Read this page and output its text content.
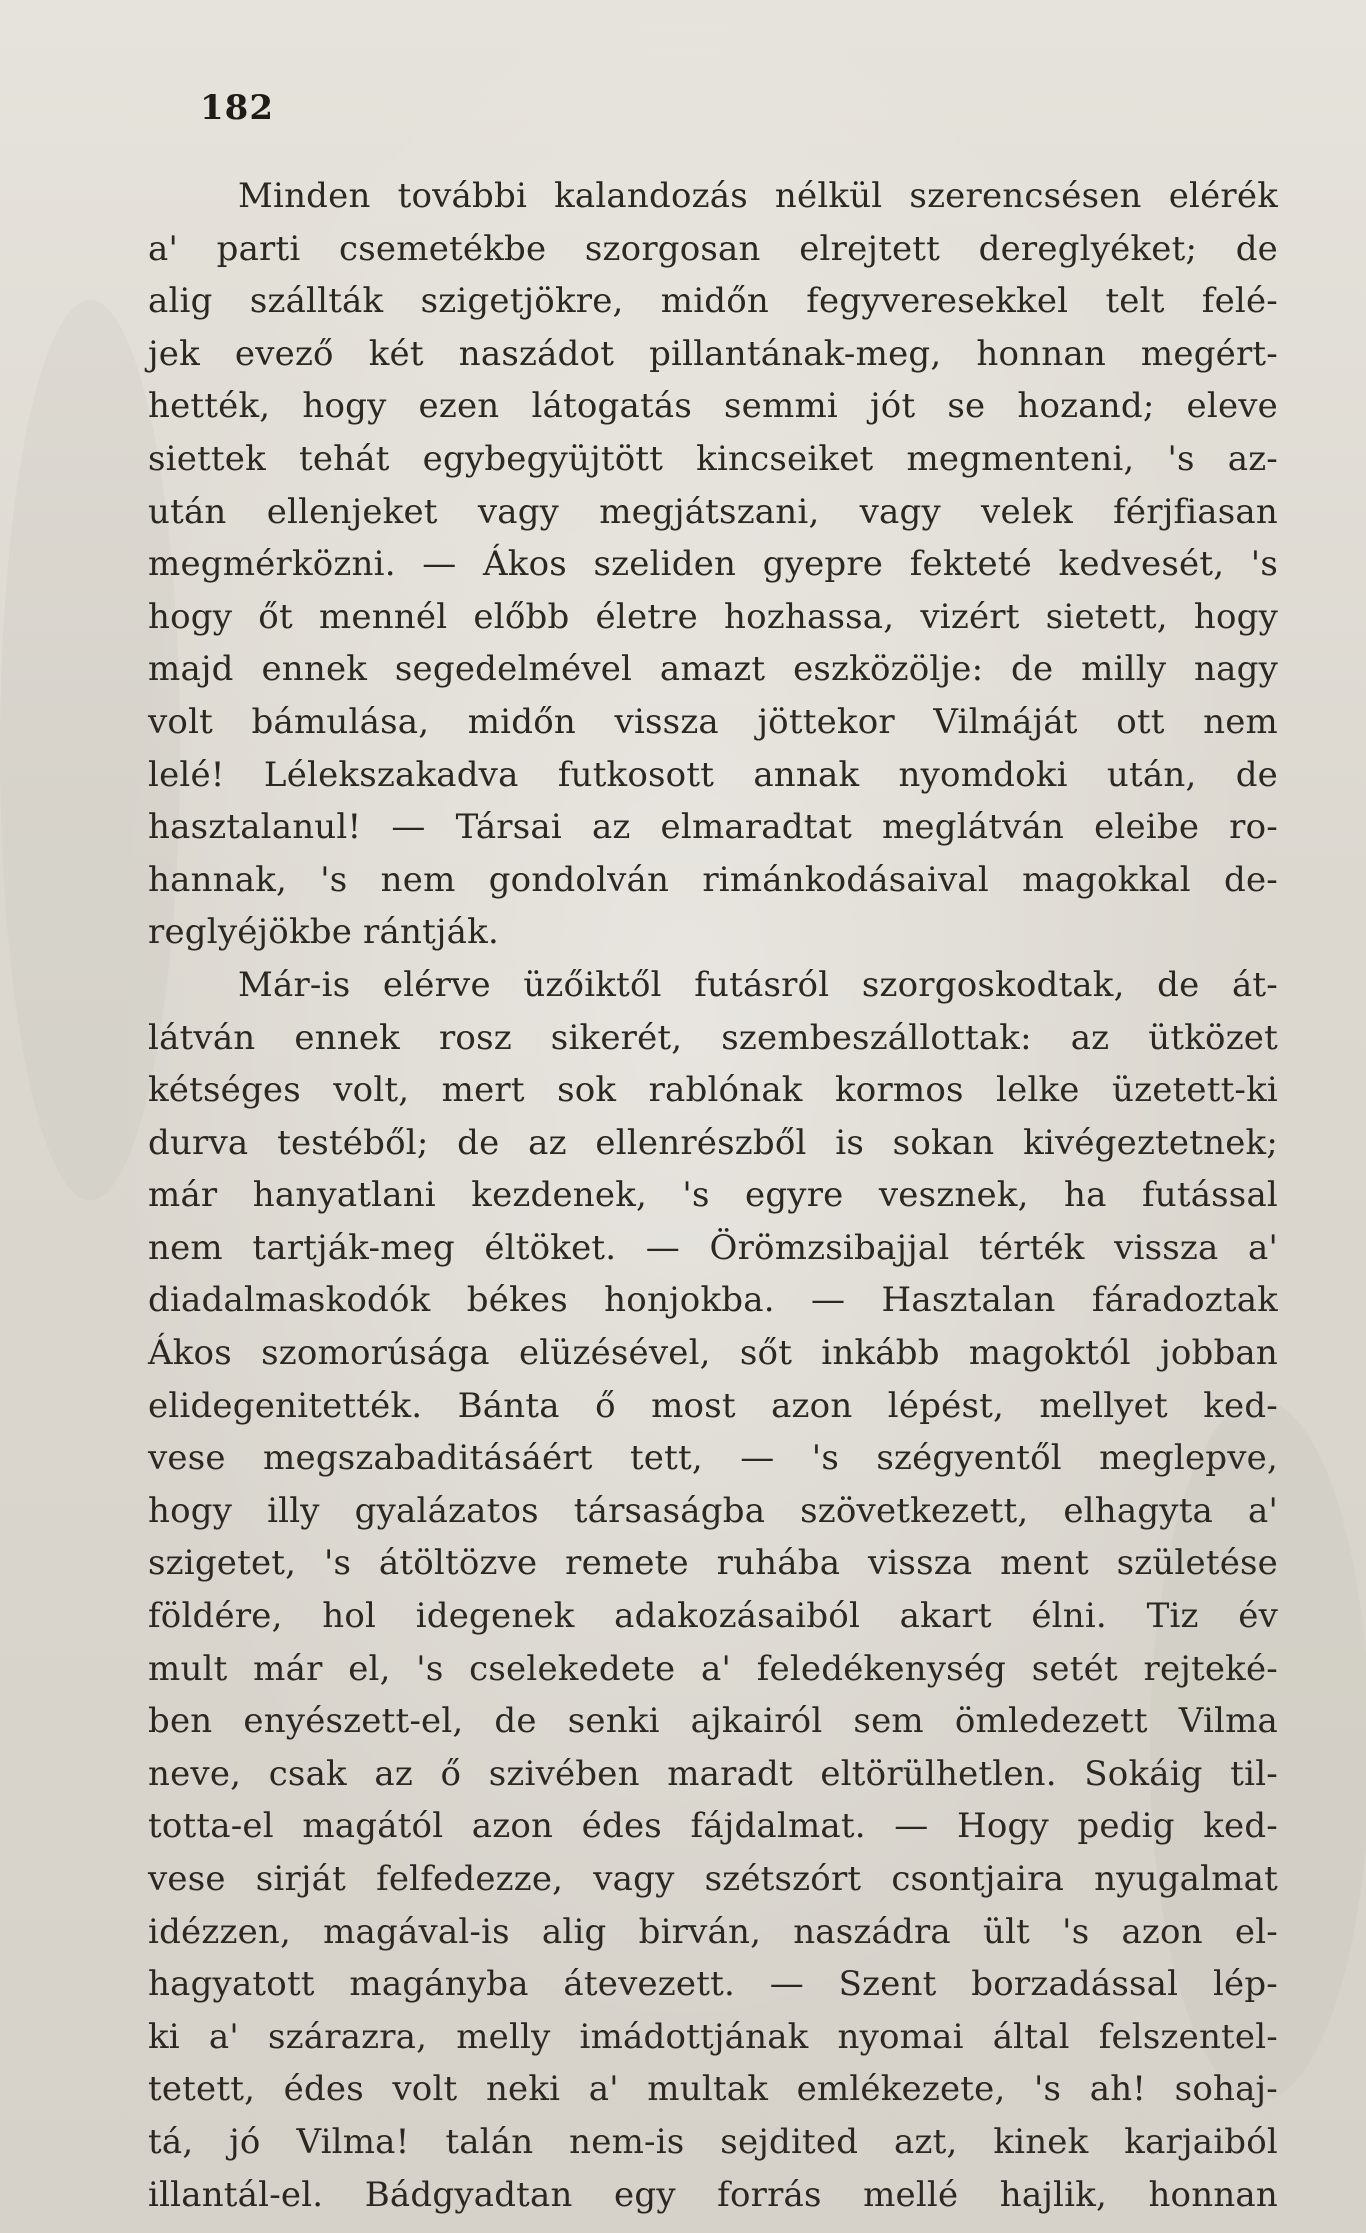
182
Minden további kalandozás nélkül szerencsésen elérék
a' parti csemetékbe szorgosan elrejtett dereglyéket; de
alig szállták szigetjökre, midőn fegyveresekkel telt felé-
jek evező két naszádot pillantának-meg, honnan megért-
hették, hogy ezen látogatás semmi jót se hozand; eleve
siettek tehát egybegyüjtött kincseiket megmenteni, 's az-
után ellenjeket vagy megjátszani, vagy velek férjfiasan
megmérközni. — Ákos szeliden gyepre fekteté kedvesét, 's
hogy őt mennél előbb életre hozhassa, vizért sietett, hogy
majd ennek segedelmével amazt eszközölje: de milly nagy
volt bámulása, midőn vissza jöttekor Vilmáját ott nem
lelé! Lélekszakadva futkosott annak nyomdoki után, de
hasztalanul! — Társai az elmaradtat meglátván eleibe ro-
hannak, 's nem gondolván rimánkodásaival magokkal de-
reglyéjökbe rántják.
Már-is elérve üzőiktől futásról szorgoskodtak, de át-
látván ennek rosz sikerét, szembeszállottak: az ütközet
kétséges volt, mert sok rablónak kormos lelke üzetett-ki
durva testéből; de az ellenrészből is sokan kivégeztetnek;
már hanyatlani kezdenek, 's egyre vesznek, ha futással
nem tartják-meg éltöket. — Örömzsibajjal térték vissza a'
diadalmaskodók békes honjokba. — Hasztalan fáradoztak
Ákos szomorúsága elüzésével, sőt inkább magoktól jobban
elidegenitették. Bánta ő most azon lépést, mellyet ked-
vese megszabaditásáért tett, — 's szégyentől meglepve,
hogy illy gyalázatos társaságba szövetkezett, elhagyta a'
szigetet, 's átöltözve remete ruhába vissza ment születése
földére, hol idegenek adakozásaiból akart élni. Tiz év
mult már el, 's cselekedete a' feledékenység setét rejteké-
ben enyészett-el, de senki ajkairól sem ömledezett Vilma
neve, csak az ő szivében maradt eltörülhetlen. Sokáig til-
totta-el magától azon édes fájdalmat. — Hogy pedig ked-
vese sirját felfedezze, vagy szétszórt csontjaira nyugalmat
idézzen, magával-is alig birván, naszádra ült 's azon el-
hagyatott magányba átevezett. — Szent borzadással lép-
ki a' szárazra, melly imádottjának nyomai által felszentel-
tetett, édes volt neki a' multak emlékezete, 's ah! sohaj-
tá, jó Vilma! talán nem-is sejdited azt, kinek karjaiból
illantál-el. Bádgyadtan egy forrás mellé hajlik, honnan
